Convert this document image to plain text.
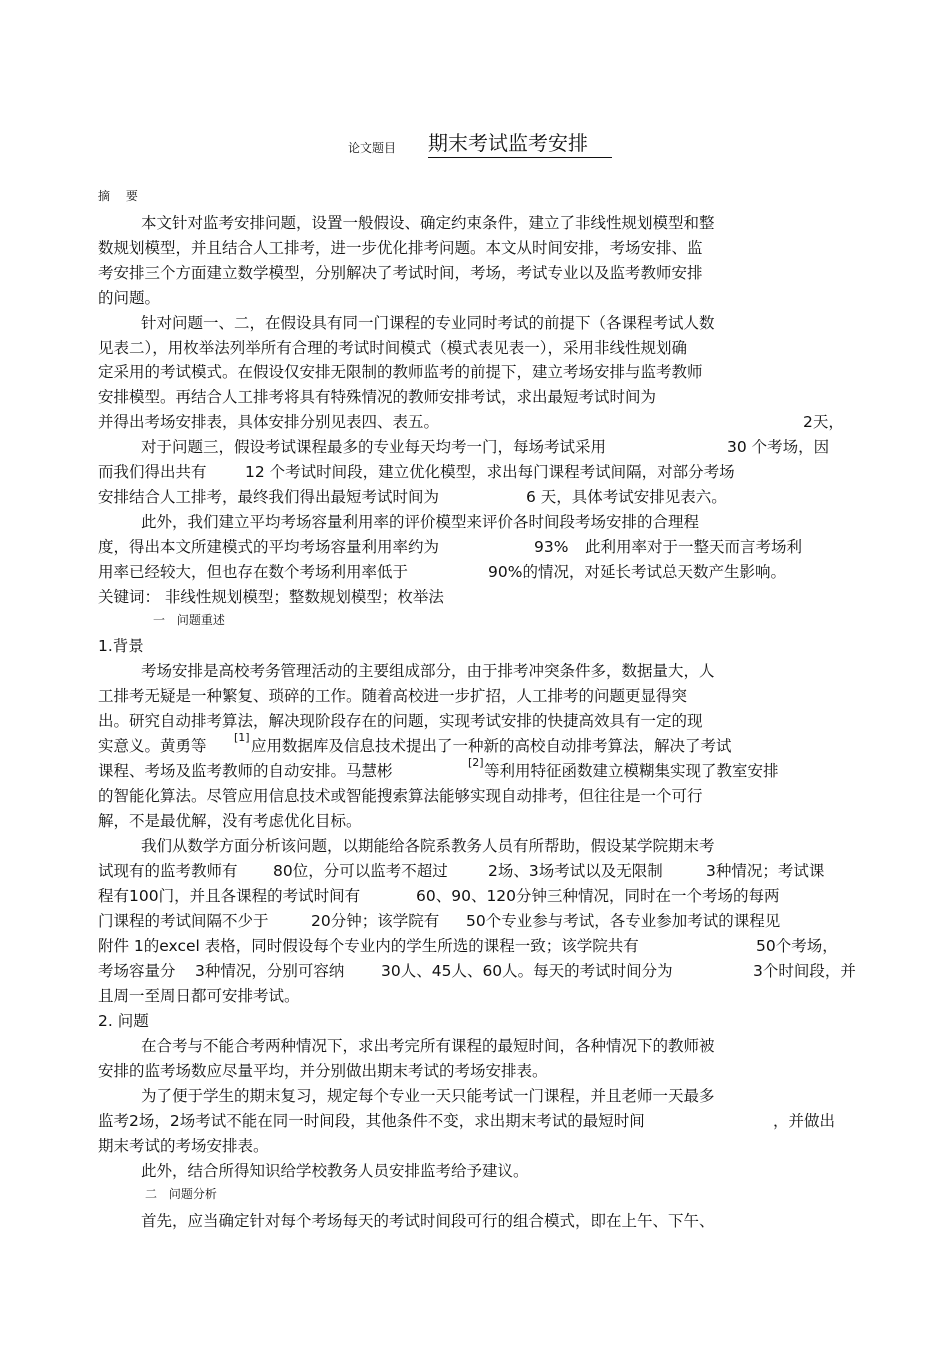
论文题目 期末考试监考安排
摘 要
本文针对监考安排问题，设置一般假设、确定约束条件，建立了非线性规划模型和整
数规划模型，并且结合人工排考，进一步优化排考问题。本文从时间安排，考场安排、监
考安排三个方面建立数学模型，分别解决了考试时间，考场，考试专业以及监考教师安排
的问题。
针对问题一、二，在假设具有同一门课程的专业同时考试的前提下（各课程考试人数
见表二），用枚举法列举所有合理的考试时间模式（模式表见表一），采用非线性规划确
定采用的考试模式。在假设仅安排无限制的教师监考的前提下，建立考场安排与监考教师
安排模型。再结合人工排考将具有特殊情况的教师安排考试，求出最短考试时间为
2天，
并得出考场安排表，具体安排分别见表四、表五。
对于问题三，假设考试课程最多的专业每天均考一门，每场考试采用	30 个考场，因
而我们得出共有 12 个考试时间段，建立优化模型，求出每门课程考试间隔，对部分考场
安排结合人工排考，最终我们得出最短考试时间为	6 天，具体考试安排见表六。
此外，我们建立平均考场容量利用率的评价模型来评价各时间段考场安排的合理程
度，得出本文所建模式的平均考场容量利用率约为	93% 此利用率对于一整天而言考场利
用率已经较大，但也存在数个考场利用率低于	90%的情况，对延长考试总天数产生影响。
关键词： 非线性规划模型；整数规划模型；枚举法
一 问题重述
1.背景
考场安排是高校考务管理活动的主要组成部分，由于排考冲突条件多，数据量大，人
工排考无疑是一种繁复、琐碎的工作。随着高校进一步扩招，人工排考的问题更显得突
出。研究自动排考算法，解决现阶段存在的问题，实现考试安排的快捷高效具有一定的现
实意义。黄勇等 [1] 应用数据库及信息技术提出了一种新的高校自动排考算法，解决了考试
课程、考场及监考教师的自动安排。马慧彬	[2] 等利用特征函数建立模糊集实现了教室安排
的智能化算法。尽管应用信息技术或智能搜索算法能够实现自动排考，但往往是一个可行
解，不是最优解，没有考虑优化目标。
我们从数学方面分析该问题，以期能给各院系教务人员有所帮助，假设某学院期末考
试现有的监考教师有 80位，分可以监考不超过	2场、3场考试以及无限制	3种情况；考试课
程有100门，并且各课程的考试时间有	60、90、120分钟三种情况，同时在一个考场的每两
门课程的考试间隔不少于	20分钟；该学院有 50个专业参与考试，各专业参加考试的课程见
附件 1的excel 表格，同时假设每个专业内的学生所选的课程一致；该学院共有	50个考场，
考场容量分 3种情况，分别可容纳 30人、45人、60人。每天的考试时间分为	3个时间段，并
且周一至周日都可安排考试。
2. 问题
在合考与不能合考两种情况下，求出考完所有课程的最短时间，各种情况下的教师被
安排的监考场数应尽量平均，并分别做出期末考试的考场安排表。
为了便于学生的期末复习，规定每个专业一天只能考试一门课程，并且老师一天最多
监考2场，2场考试不能在同一时间段，其他条件不变，求出期末考试的最短时间	，并做出
期末考试的考场安排表。
此外，结合所得知识给学校教务人员安排监考给予建议。
二 问题分析
首先，应当确定针对每个考场每天的考试时间段可行的组合模式，即在上午、下午、
